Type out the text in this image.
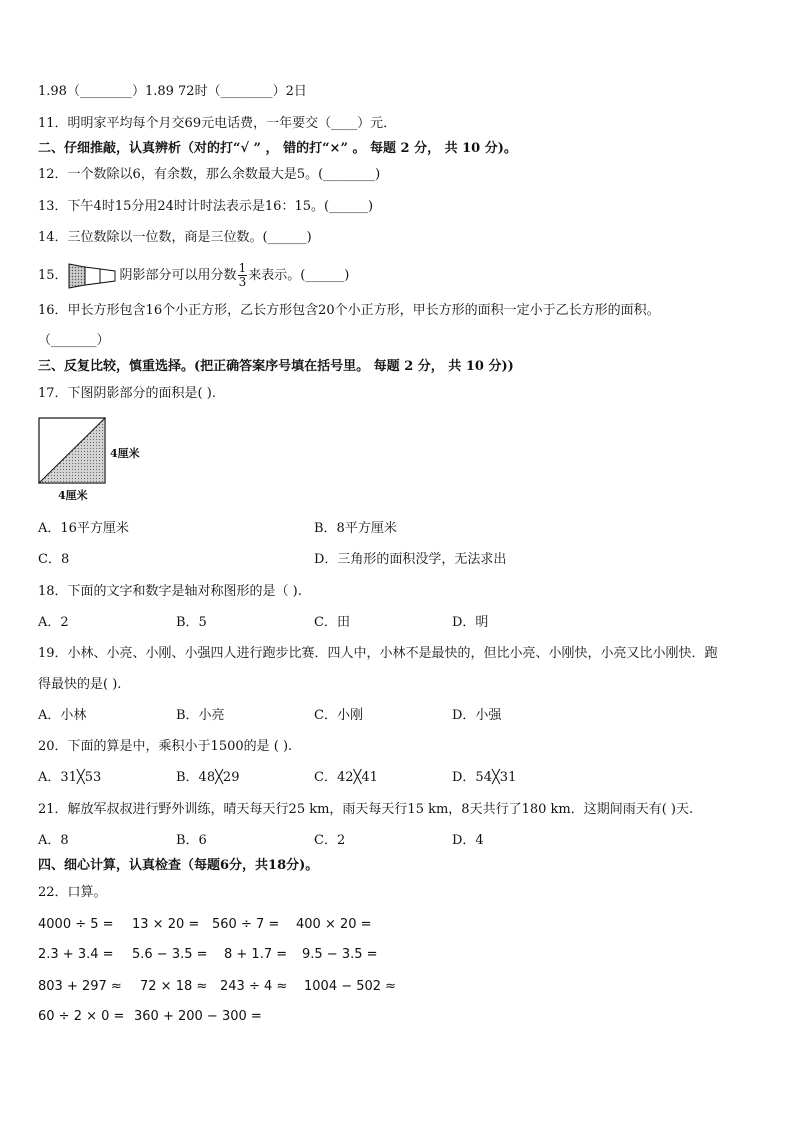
1.98（________）1.89 72时（________）2日
11．明明家平均每个月交69元电话费，一年要交（____）元．
二、仔细推敲，认真辨析（对的打“√ ” ， 错的打“×” 。 每题 2 分， 共 10 分)。
12．一个数除以6，有余数，那么余数最大是5。(________)
13．下午4时15分用24时计时法表示是16：15。(______)
14．三位数除以一位数，商是三位数。(______)
15．	阴影部分可以用分数 $\frac{1}{3}$ 来表示。(______)
16．甲长方形包含16个小正方形，乙长方形包含20个小正方形，甲长方形的面积一定小于乙长方形的面积。
（_______）
三、反复比较，慎重选择。(把正确答案序号填在括号里。 每题 2 分， 共 10 分))
17．下图阴影部分的面积是( ).
4厘米
4厘米
A．16平方厘米	B．8平方厘米
C．8	D．三角形的面积没学，无法求出
18．下面的文字和数字是轴对称图形的是（ ).
A．2	B．5	C．田	D．明
19．小林、小亮、小刚、小强四人进行跑步比赛．四人中，小林不是最快的，但比小亮、小刚快，小亮又比小刚快．跑
得最快的是( ).
A．小林	B．小亮	C．小刚	D．小强
20．下面的算是中，乘积小于1500的是 ( ).
A．31╳53	B．48╳29	C．42╳41	D．54╳31
21．解放军叔叔进行野外训练，晴天每天行25 km，雨天每天行15 km，8天共行了180 km．这期间雨天有( )天.
A．8	B．6	C．2	D．4
四、细心计算，认真检查（每题6分，共18分)。
22．口算。
4000 ÷ 5 = 13 × 20 = 560 ÷ 7 = 400 × 20 =
2.3 + 3.4 = 5.6 − 3.5 = 8 + 1.7 = 9.5 − 3.5 =
803 + 297 ≈ 72 × 18 ≈ 243 ÷ 4 ≈ 1004 − 502 ≈
60 ÷ 2 × 0 = 360 + 200 − 300 =
